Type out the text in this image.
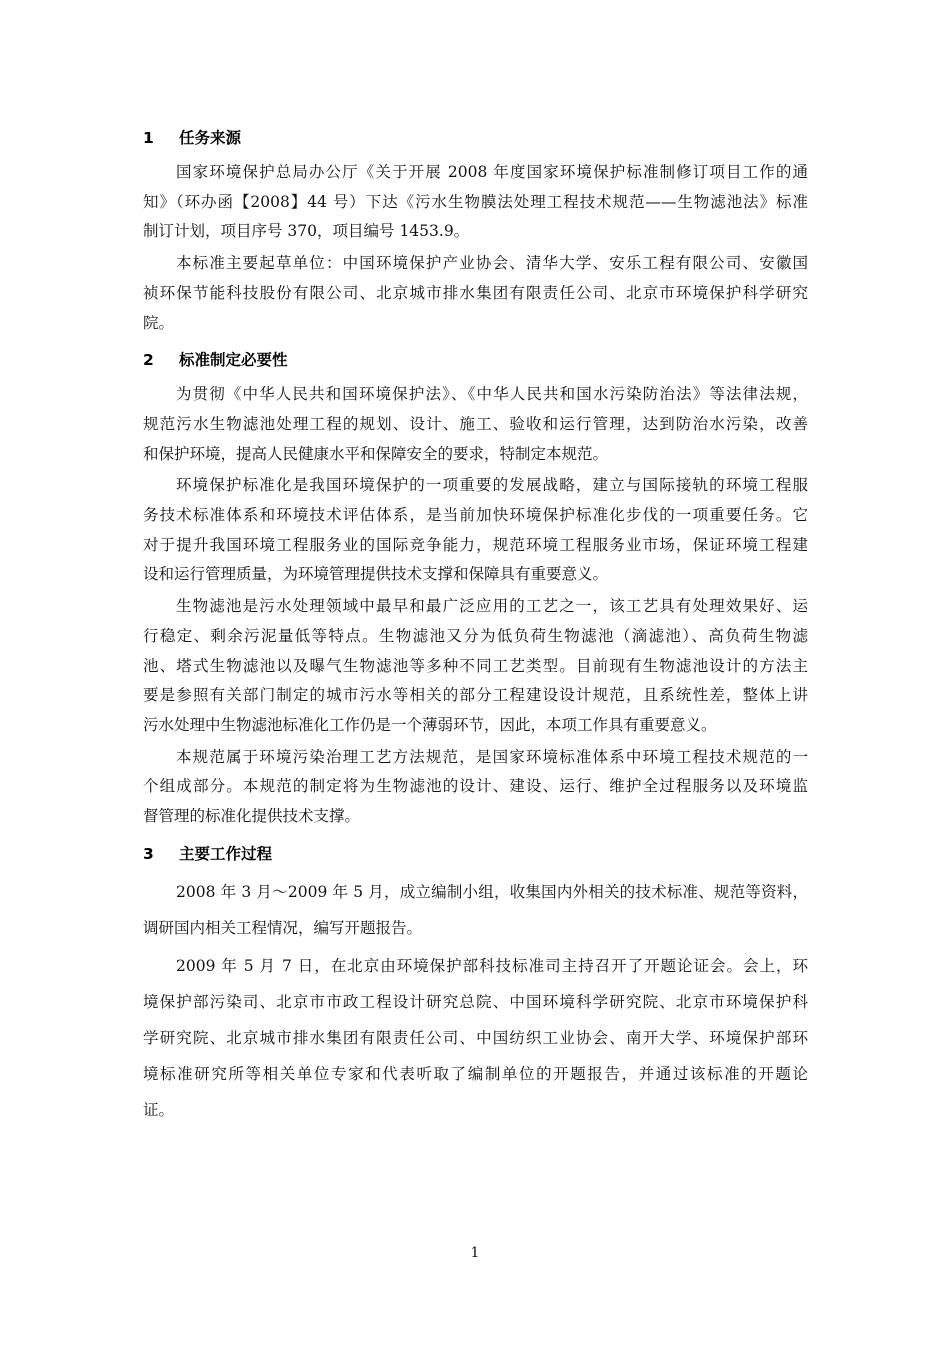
1	任务来源
国家环境保护总局办公厅《关于开展 2008 年度国家环境保护标准制修订项目工作的通
知》（环办函【2008】44 号）下达《污水生物膜法处理工程技术规范——生物滤池法》标准
制订计划，项目序号 370，项目编号 1453.9。
本标准主要起草单位：中国环境保护产业协会、清华大学、安乐工程有限公司、安徽国
祯环保节能科技股份有限公司、北京城市排水集团有限责任公司、北京市环境保护科学研究
院。
2	标准制定必要性
为贯彻《中华人民共和国环境保护法》、《中华人民共和国水污染防治法》等法律法规，
规范污水生物滤池处理工程的规划、设计、施工、验收和运行管理，达到防治水污染，改善
和保护环境，提高人民健康水平和保障安全的要求，特制定本规范。
环境保护标准化是我国环境保护的一项重要的发展战略，建立与国际接轨的环境工程服
务技术标准体系和环境技术评估体系，是当前加快环境保护标准化步伐的一项重要任务。它
对于提升我国环境工程服务业的国际竞争能力，规范环境工程服务业市场，保证环境工程建
设和运行管理质量，为环境管理提供技术支撑和保障具有重要意义。
生物滤池是污水处理领域中最早和最广泛应用的工艺之一，该工艺具有处理效果好、运
行稳定、剩余污泥量低等特点。生物滤池又分为低负荷生物滤池（滴滤池）、高负荷生物滤
池、塔式生物滤池以及曝气生物滤池等多种不同工艺类型。目前现有生物滤池设计的方法主
要是参照有关部门制定的城市污水等相关的部分工程建设设计规范，且系统性差，整体上讲
污水处理中生物滤池标准化工作仍是一个薄弱环节，因此，本项工作具有重要意义。
本规范属于环境污染治理工艺方法规范，是国家环境标准体系中环境工程技术规范的一
个组成部分。本规范的制定将为生物滤池的设计、建设、运行、维护全过程服务以及环境监
督管理的标准化提供技术支撑。
3	主要工作过程
2008 年 3 月～2009 年 5 月，成立编制小组，收集国内外相关的技术标准、规范等资料，
调研国内相关工程情况，编写开题报告。
2009 年 5 月 7 日，在北京由环境保护部科技标准司主持召开了开题论证会。会上，环
境保护部污染司、北京市市政工程设计研究总院、中国环境科学研究院、北京市环境保护科
学研究院、北京城市排水集团有限责任公司、中国纺织工业协会、南开大学、环境保护部环
境标准研究所等相关单位专家和代表听取了编制单位的开题报告，并通过该标准的开题论
证。
1
